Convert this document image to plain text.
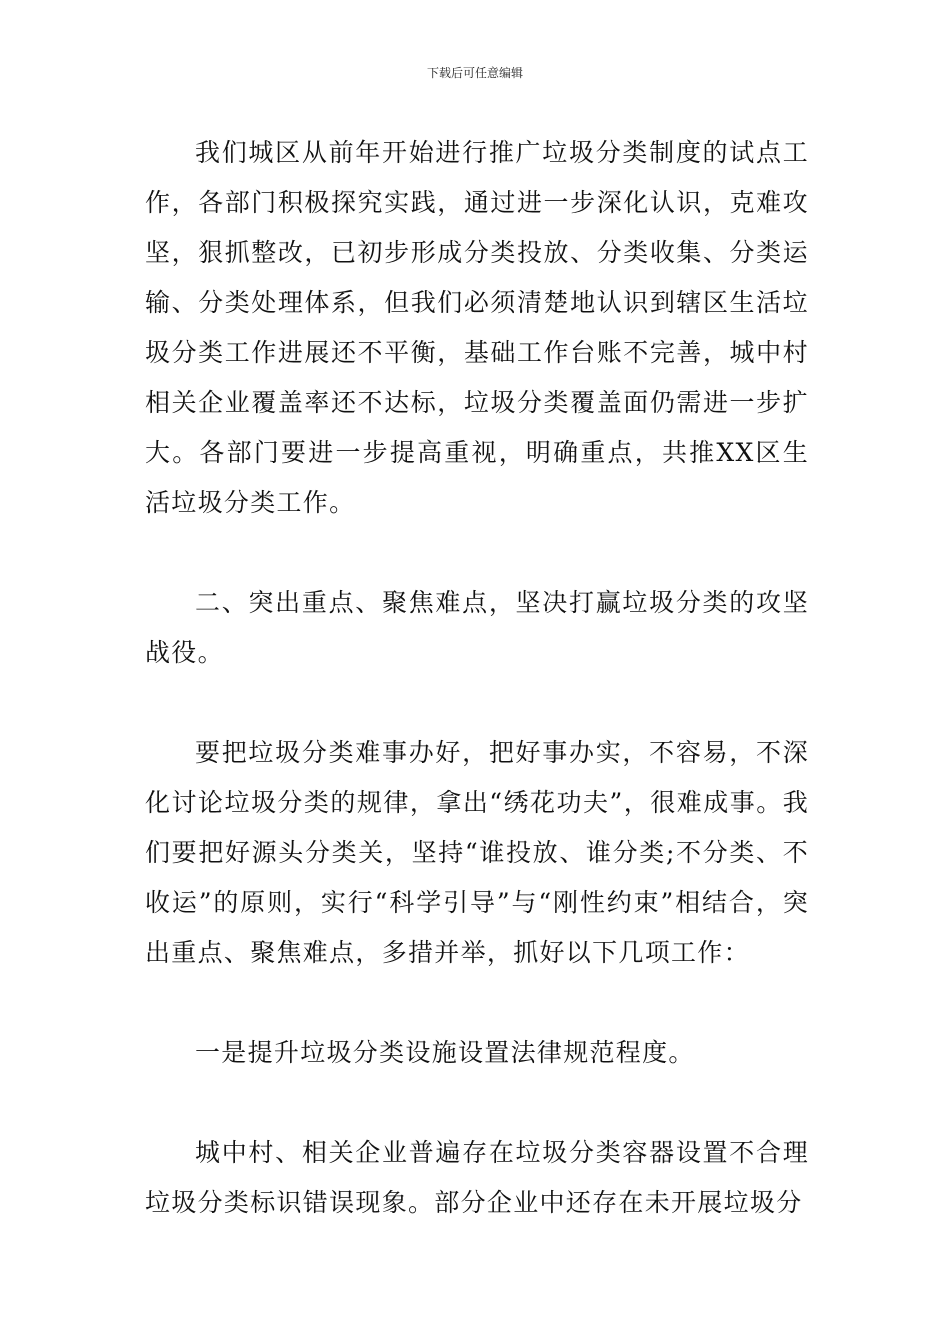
下载后可任意编辑

我们城区从前年开始进行推广垃圾分类制度的试点工作，各部门积极探究实践，通过进一步深化认识，克难攻坚，狠抓整改，已初步形成分类投放、分类收集、分类运输、分类处理体系，但我们必须清楚地认识到辖区生活垃圾分类工作进展还不平衡，基础工作台账不完善，城中村相关企业覆盖率还不达标，垃圾分类覆盖面仍需进一步扩大。各部门要进一步提高重视，明确重点，共推XX区生活垃圾分类工作。

二、突出重点、聚焦难点，坚决打赢垃圾分类的攻坚战役。

要把垃圾分类难事办好，把好事办实，不容易，不深化讨论垃圾分类的规律，拿出“绣花功夫”，很难成事。我们要把好源头分类关，坚持“谁投放、谁分类;不分类、不收运”的原则，实行“科学引导”与“刚性约束”相结合，突出重点、聚焦难点，多措并举，抓好以下几项工作：

一是提升垃圾分类设施设置法律规范程度。

城中村、相关企业普遍存在垃圾分类容器设置不合理垃圾分类标识错误现象。部分企业中还存在未开展垃圾分
